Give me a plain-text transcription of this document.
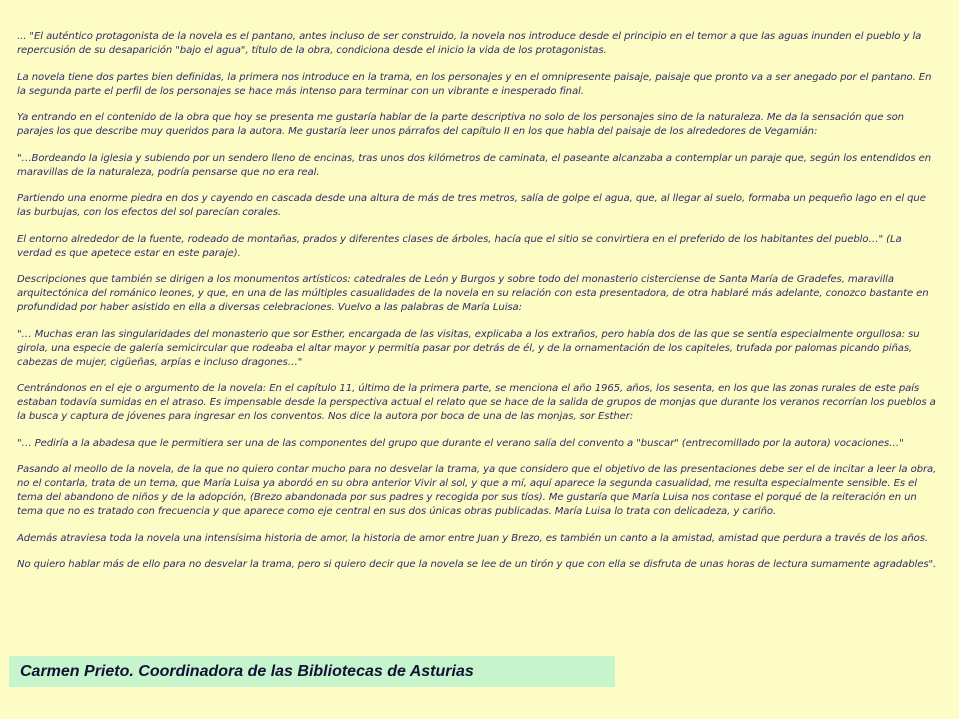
... "El auténtico protagonista de la novela es el pantano, antes incluso de ser construido, la novela nos introduce desde el principio en el temor a que las aguas inunden el pueblo y la repercusión de su desaparición "bajo el agua", título de la obra, condiciona desde el inicio la vida de los protagonistas.

La novela tiene dos partes bien definidas, la primera nos introduce en la trama, en los personajes y en el omnipresente paisaje, paisaje que pronto va a ser anegado por el pantano. En la segunda parte el perfil de los personajes se hace más intenso para terminar con un vibrante e inesperado final.

Ya entrando en el contenido de la obra que hoy se presenta me gustaría hablar de la parte descriptiva no solo de los personajes sino de la naturaleza. Me da la sensación que son parajes los que describe muy queridos para la autora. Me gustaría leer unos párrafos del capítulo II en los que habla del paisaje de los alrededores de Vegamián:

"…Bordeando la iglesia y subiendo por un sendero lleno de encinas, tras unos dos kilómetros de caminata, el paseante alcanzaba a contemplar un paraje que, según los entendidos en maravillas de la naturaleza, podría pensarse que no era real.

Partiendo una enorme piedra en dos y cayendo en cascada desde una altura de más de tres metros, salía de golpe el agua, que, al llegar al suelo, formaba un pequeño lago en el que las burbujas, con los efectos del sol parecían corales.

El entorno alrededor de la fuente, rodeado de montañas, prados y diferentes clases de árboles, hacía que el sitio se convirtiera en el preferido de los habitantes del pueblo…" (La verdad es que apetece estar en este paraje).

Descripciones que también se dirigen a los monumentos artísticos: catedrales de León y Burgos y sobre todo del monasterio cisterciense de Santa María de Gradefes, maravilla arquitectónica del románico leones, y que, en una de las múltiples casualidades de la novela en su relación con esta presentadora, de otra hablaré más adelante, conozco bastante en profundidad por haber asistido en ella a diversas celebraciones. Vuelvo a las palabras de María Luisa:

"… Muchas eran las singularidades del monasterio que sor Esther, encargada de las visitas, explicaba a los extraños, pero había dos de las que se sentía especialmente orgullosa: su girola, una especie de galería semicircular que rodeaba el altar mayor y permitía pasar por detrás de él, y de la ornamentación de los capiteles, trufada por palomas picando piñas, cabezas de mujer, cigüeñas, arpías e incluso dragones…"

Centrándonos en el eje o argumento de la novela: En el capítulo 11, último de la primera parte, se menciona el año 1965, años, los sesenta, en los que las zonas rurales de este país estaban todavía sumidas en el atraso. Es impensable desde la perspectiva actual el relato que se hace de la salida de grupos de monjas que durante los veranos recorrían los pueblos a la busca y captura de jóvenes para ingresar en los conventos. Nos dice la autora por boca de una de las monjas, sor Esther:

"… Pediría a la abadesa que le permitiera ser una de las componentes del grupo que durante el verano salía del convento a "buscar" (entrecomillado por la autora) vocaciones…"

Pasando al meollo de la novela, de la que no quiero contar mucho para no desvelar la trama, ya que considero que el objetivo de las presentaciones debe ser el de incitar a leer la obra, no el contarla, trata de un tema, que María Luisa ya abordó en su obra anterior Vivir al sol, y que a mí, aquí aparece la segunda casualidad, me resulta especialmente sensible. Es el tema del abandono de niños y de la adopción, (Brezo abandonada por sus padres y recogida por sus tíos). Me gustaría que María Luisa nos contase el porqué de la reiteración en un tema que no es tratado con frecuencia y que aparece como eje central en sus dos únicas obras publicadas. María Luisa lo trata con delicadeza, y cariño.

Además atraviesa toda la novela una intensísima historia de amor, la historia de amor entre Juan y Brezo, es también un canto a la amistad, amistad que perdura a través de los años.

No quiero hablar más de ello para no desvelar la trama, pero si quiero decir que la novela se lee de un tirón y que con ella se disfruta de unas horas de lectura sumamente agradables".

Carmen Prieto. Coordinadora de las Bibliotecas de Asturias
